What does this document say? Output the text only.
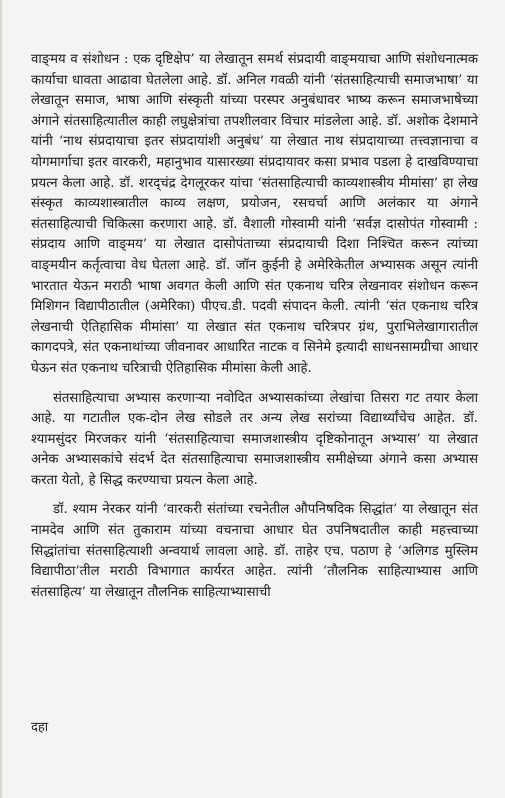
वाङ्‍मय व संशोधन : एक दृष्टिक्षेप’ या लेखातून समर्थ संप्रदायी वाङ्‍मयाचा आणि संशोधनात्मक कार्याचा धावता आढावा घेतलेला आहे. डॉ. अनिल गवळी यांनी ‘संतसाहित्याची समाजभाषा’ या लेखातून समाज, भाषा आणि संस्कृती यांच्या परस्पर अनुबंधावर भाष्य करून समाजभाषेच्या अंगाने संतसाहित्यातील काही लघुक्षेत्रांचा तपशीलवार विचार मांडलेला आहे. डॉ. अशोक देशमाने यांनी ‘नाथ संप्रदायाचा इतर संप्रदायांशी अनुबंध’ या लेखात नाथ संप्रदायाच्या तत्त्वज्ञानाचा व योगमार्गाचा इतर वारकरी, महानुभाव यासारख्या संप्रदायावर कसा प्रभाव पडला हे दाखविण्याचा प्रयत्न केला आहे. डॉ. शरद्‍चंद्र देगलूरकर यांचा ‘संतसाहित्याची काव्यशास्त्रीय मीमांसा’ हा लेख संस्कृत काव्यशास्त्रातील काव्य लक्षण, प्रयोजन, रसचर्चा आणि अलंकार या अंगाने संतसाहित्याची चिकित्सा करणारा आहे. डॉ. वैशाली गोस्वामी यांनी ‘सर्वज्ञ दासोपंत गोस्वामी : संप्रदाय आणि वाङ्‍मय’ या लेखात दासोपंताच्या संप्रदायाची दिशा निश्चित करून त्यांच्या वाङ्‍मयीन कर्तृत्वाचा वेध घेतला आहे. डॉ. जॉन कुईनी हे अमेरिकेतील अभ्यासक असून त्यांनी भारतात येऊन मराठी भाषा अवगत केली आणि संत एकनाथ चरित्र लेखनावर संशोधन करून मिशिगन विद्यापीठातील (अमेरिका) पीएच.डी. पदवी संपादन केली. त्यांनी ‘संत एकनाथ चरित्र लेखनाची ऐतिहासिक मीमांसा’ या लेखात संत एकनाथ चरित्रपर ग्रंथ, पुराभिलेखागारातील कागदपत्रे, संत एकनाथांच्या जीवनावर आधारित नाटक व सिनेमे इत्यादी साधनसामग्रीचा आधार घेऊन संत एकनाथ चरित्राची ऐतिहासिक मीमांसा केली आहे.

संतसाहित्याचा अभ्यास करणाऱ्या नवोदित अभ्यासकांच्या लेखांचा तिसरा गट तयार केला आहे. या गटातील एक-दोन लेख सोडले तर अन्य लेख सरांच्या विद्यार्थ्यांचेच आहेत. डॉ. श्यामसुंदर मिरजकर यांनी ‘संतसाहित्याचा समाजशास्त्रीय दृष्टिकोनातून अभ्यास’ या लेखात अनेक अभ्यासकांचे संदर्भ देत संतसाहित्याचा समाजशास्त्रीय समीक्षेच्या अंगाने कसा अभ्यास करता येतो, हे सिद्ध करण्याचा प्रयत्न केला आहे.

डॉ. श्याम नेरकर यांनी ‘वारकरी संतांच्या रचनेतील औपनिषदिक सिद्धांत’ या लेखातून संत नामदेव आणि संत तुकाराम यांच्या वचनाचा आधार घेत उपनिषदातील काही महत्त्वाच्या सिद्धांतांचा संतसाहित्याशी अन्वयार्थ लावला आहे. डॉ. ताहेर एच. पठाण हे ‘अलिगड मुस्लिम विद्यापीठा’तील मराठी विभागात कार्यरत आहेत. त्यांनी ‘तौलनिक साहित्याभ्यास आणि संतसाहित्य’ या लेखातून तौलनिक साहित्याभ्यासाची

दहा
